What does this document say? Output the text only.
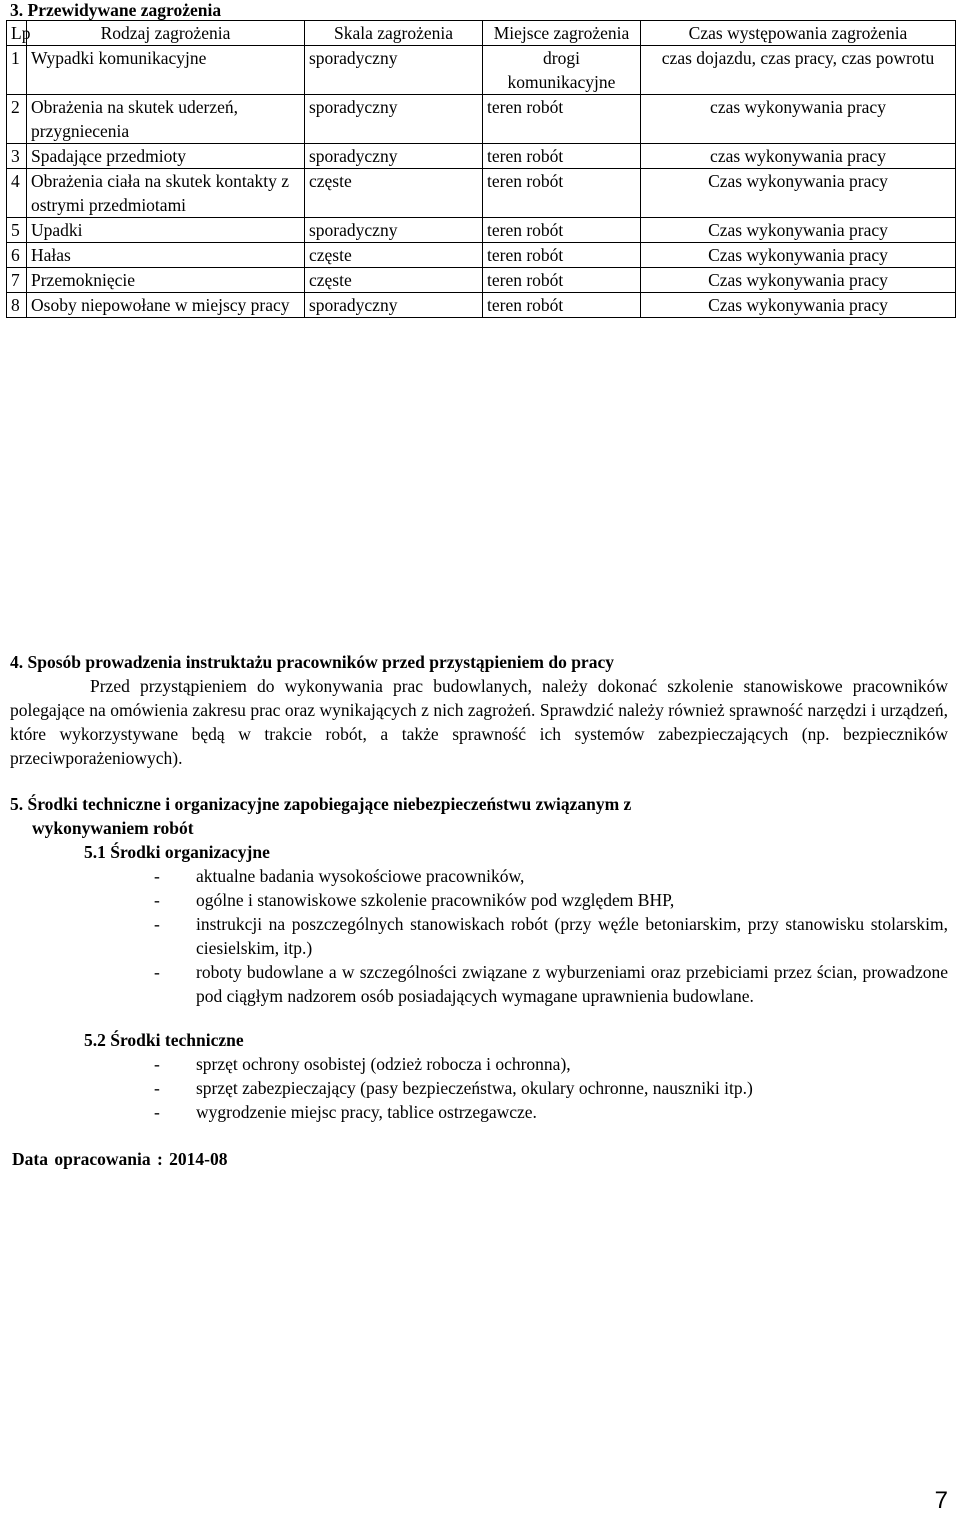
3. Przewidywane zagrożenia
Lp	Rodzaj zagrożenia	Skala zagrożenia	Miejsce zagrożenia	Czas występowania zagrożenia
1	Wypadki komunikacyjne	sporadyczny	drogi komunikacyjne	czas dojazdu, czas pracy, czas powrotu
2	Obrażenia na skutek uderzeń, przygniecenia	sporadyczny	teren robót	czas wykonywania pracy
3	Spadające przedmioty	sporadyczny	teren robót	czas wykonywania pracy
4	Obrażenia ciała na skutek kontakty z ostrymi przedmiotami	częste	teren robót	Czas wykonywania pracy
5	Upadki	sporadyczny	teren robót	Czas wykonywania pracy
6	Hałas	częste	teren robót	Czas wykonywania pracy
7	Przemoknięcie	częste	teren robót	Czas wykonywania pracy
8	Osoby niepowołane w miejscy pracy	sporadyczny	teren robót	Czas wykonywania pracy
4. Sposób prowadzenia instruktażu pracowników przed przystąpieniem do pracy
Przed przystąpieniem do wykonywania prac budowlanych, należy dokonać szkolenie stanowiskowe pracowników polegające na omówienia zakresu prac oraz wynikających z nich zagrożeń. Sprawdzić należy również sprawność narzędzi i urządzeń, które wykorzystywane będą w trakcie robót, a także sprawność ich systemów zabezpieczających (np. bezpieczników przeciwporażeniowych).
5. Środki techniczne i organizacyjne zapobiegające niebezpieczeństwu związanym z
wykonywaniem robót
5.1 Środki organizacyjne
- aktualne badania wysokościowe pracowników,
- ogólne i stanowiskowe szkolenie pracowników pod względem BHP,
- instrukcji na poszczególnych stanowiskach robót (przy węźle betoniarskim, przy stanowisku stolarskim, ciesielskim, itp.)
- roboty budowlane a w szczególności związane z wyburzeniami oraz przebiciami przez ścian, prowadzone pod ciągłym nadzorem osób posiadających wymagane uprawnienia budowlane.
5.2 Środki techniczne
- sprzęt ochrony osobistej (odzież robocza i ochronna),
- sprzęt zabezpieczający (pasy bezpieczeństwa, okulary ochronne, nauszniki itp.)
- wygrodzenie miejsc pracy, tablice ostrzegawcze.
Data opracowania : 2014-08
7
